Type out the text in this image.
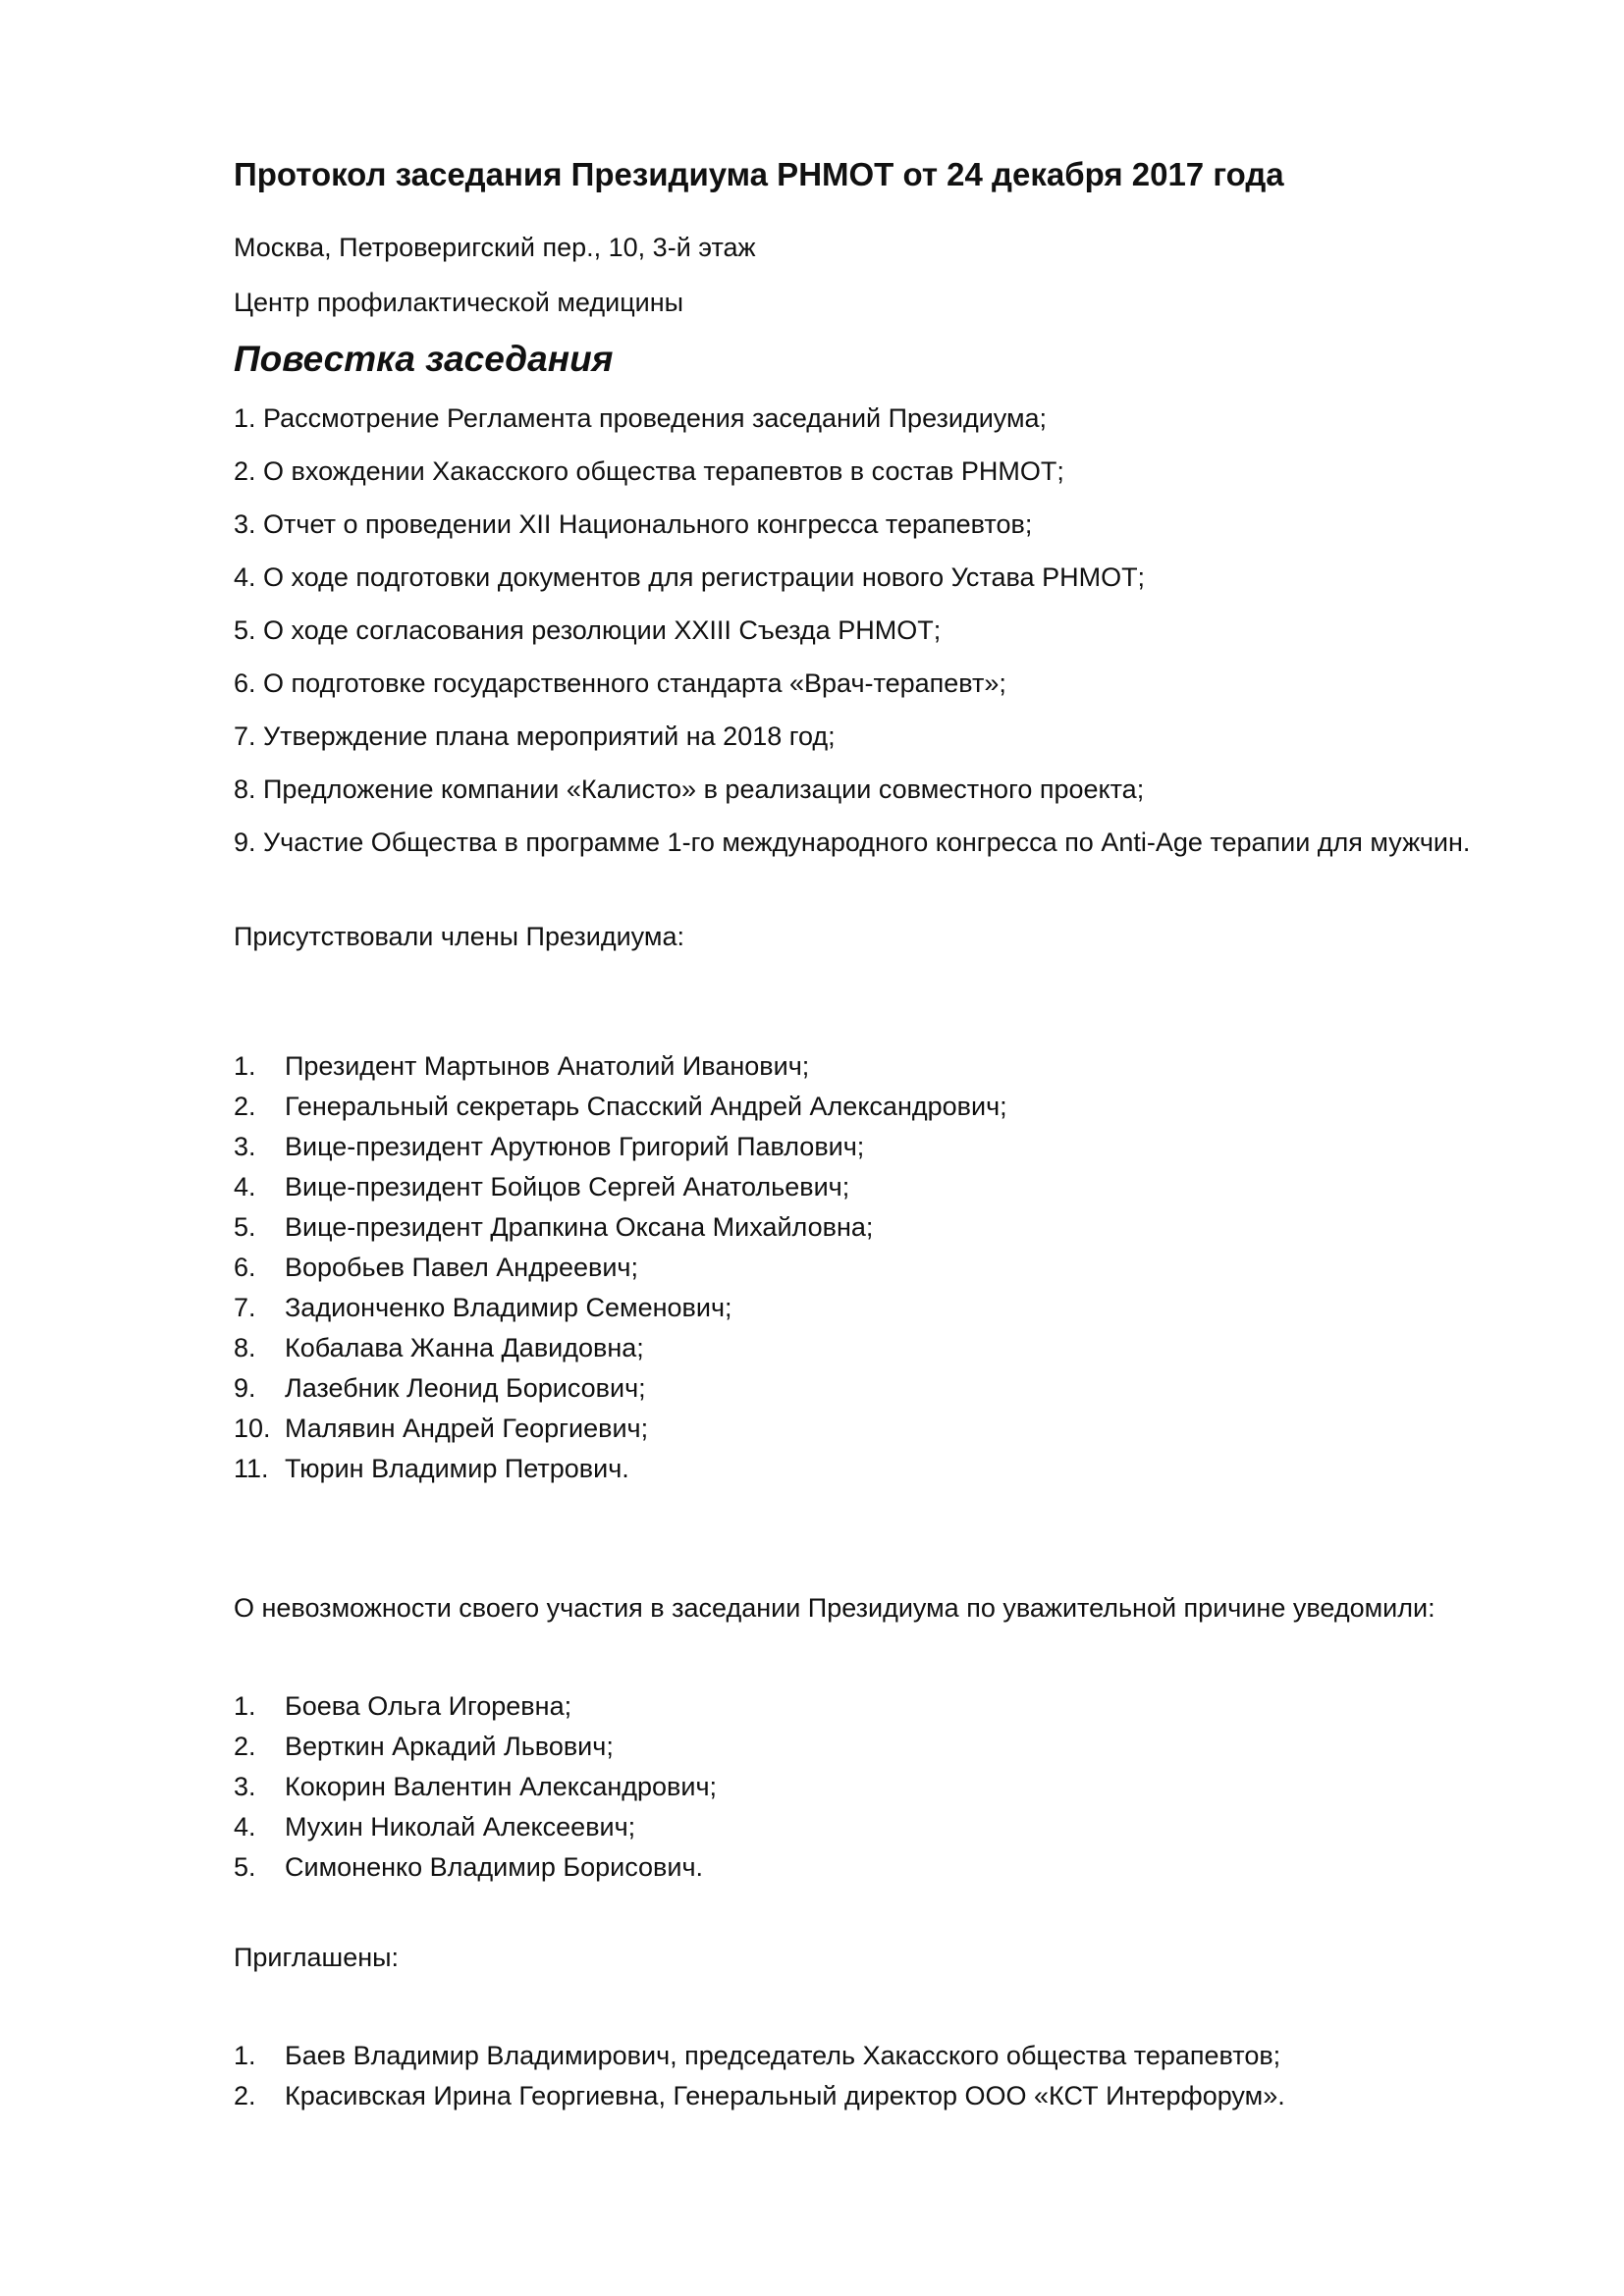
Протокол заседания Президиума РНМОТ от 24 декабря 2017 года
Москва, Петроверигский пер., 10, 3-й этаж
Центр профилактической медицины
Повестка заседания
1. Рассмотрение Регламента проведения заседаний Президиума;
2. О вхождении Хакасского общества терапевтов в состав РНМОТ;
3. Отчет о проведении XII Национального конгресса терапевтов;
4. О ходе подготовки документов для регистрации нового Устава РНМОТ;
5. О ходе согласования резолюции XXIII Съезда РНМОТ;
6. О подготовке государственного стандарта «Врач-терапевт»;
7. Утверждение плана мероприятий на 2018 год;
8. Предложение компании «Калисто» в реализации совместного проекта;
9. Участие Общества в программе 1-го международного конгресса по Anti-Age терапии для мужчин.
Присутствовали члены Президиума:
1. Президент Мартынов Анатолий Иванович;
2. Генеральный секретарь Спасский Андрей Александрович;
3. Вице-президент Арутюнов Григорий Павлович;
4. Вице-президент Бойцов Сергей Анатольевич;
5. Вице-президент Драпкина Оксана Михайловна;
6. Воробьев Павел Андреевич;
7. Задионченко Владимир Семенович;
8. Кобалава Жанна Давидовна;
9. Лазебник Леонид Борисович;
10. Малявин Андрей Георгиевич;
11. Тюрин Владимир Петрович.
О невозможности своего участия в заседании Президиума по уважительной причине уведомили:
1. Боева Ольга Игоревна;
2. Верткин Аркадий Львович;
3. Кокорин Валентин Александрович;
4. Мухин Николай Алексеевич;
5. Симоненко Владимир Борисович.
Приглашены:
1. Баев Владимир Владимирович, председатель Хакасского общества терапевтов;
2. Красивская Ирина Георгиевна, Генеральный директор ООО «КСТ Интерфорум».
